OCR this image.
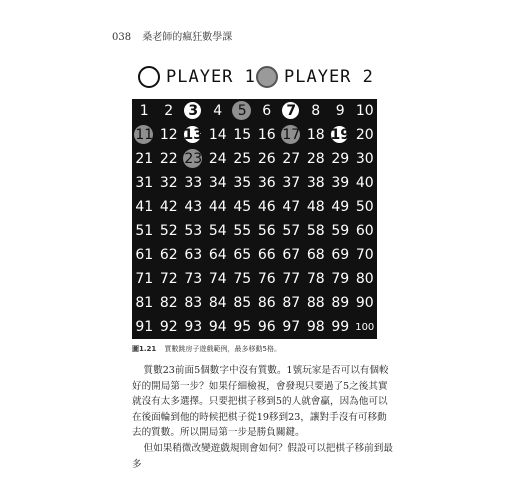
038 桑老師的瘋狂數學課
PLAYER 1 PLAYER 2
1 2 3 4 5 6 7 8 9 10
11 12 13 14 15 16 17 18 19 20
21 22 23 24 25 26 27 28 29 30
31 32 33 34 35 36 37 38 39 40
41 42 43 44 45 46 47 48 49 50
51 52 53 54 55 56 57 58 59 60
61 62 63 64 65 66 67 68 69 70
71 72 73 74 75 76 77 78 79 80
81 82 83 84 85 86 87 88 89 90
91 92 93 94 95 96 97 98 99 100
圖1.21 質數跳房子遊戲範例，最多移動5格。

質數23前面5個數字中沒有質數。1號玩家是否可以有個較好的開局第一步？如果仔細檢視，會發現只要過了5之後其實就沒有太多選擇。只要把棋子移到5的人就會贏，因為他可以在後面輪到他的時候把棋子從19移到23，讓對手沒有可移動去的質數。所以開局第一步是勝負關鍵。

但如果稍微改變遊戲規則會如何？假設可以把棋子移前到最多
